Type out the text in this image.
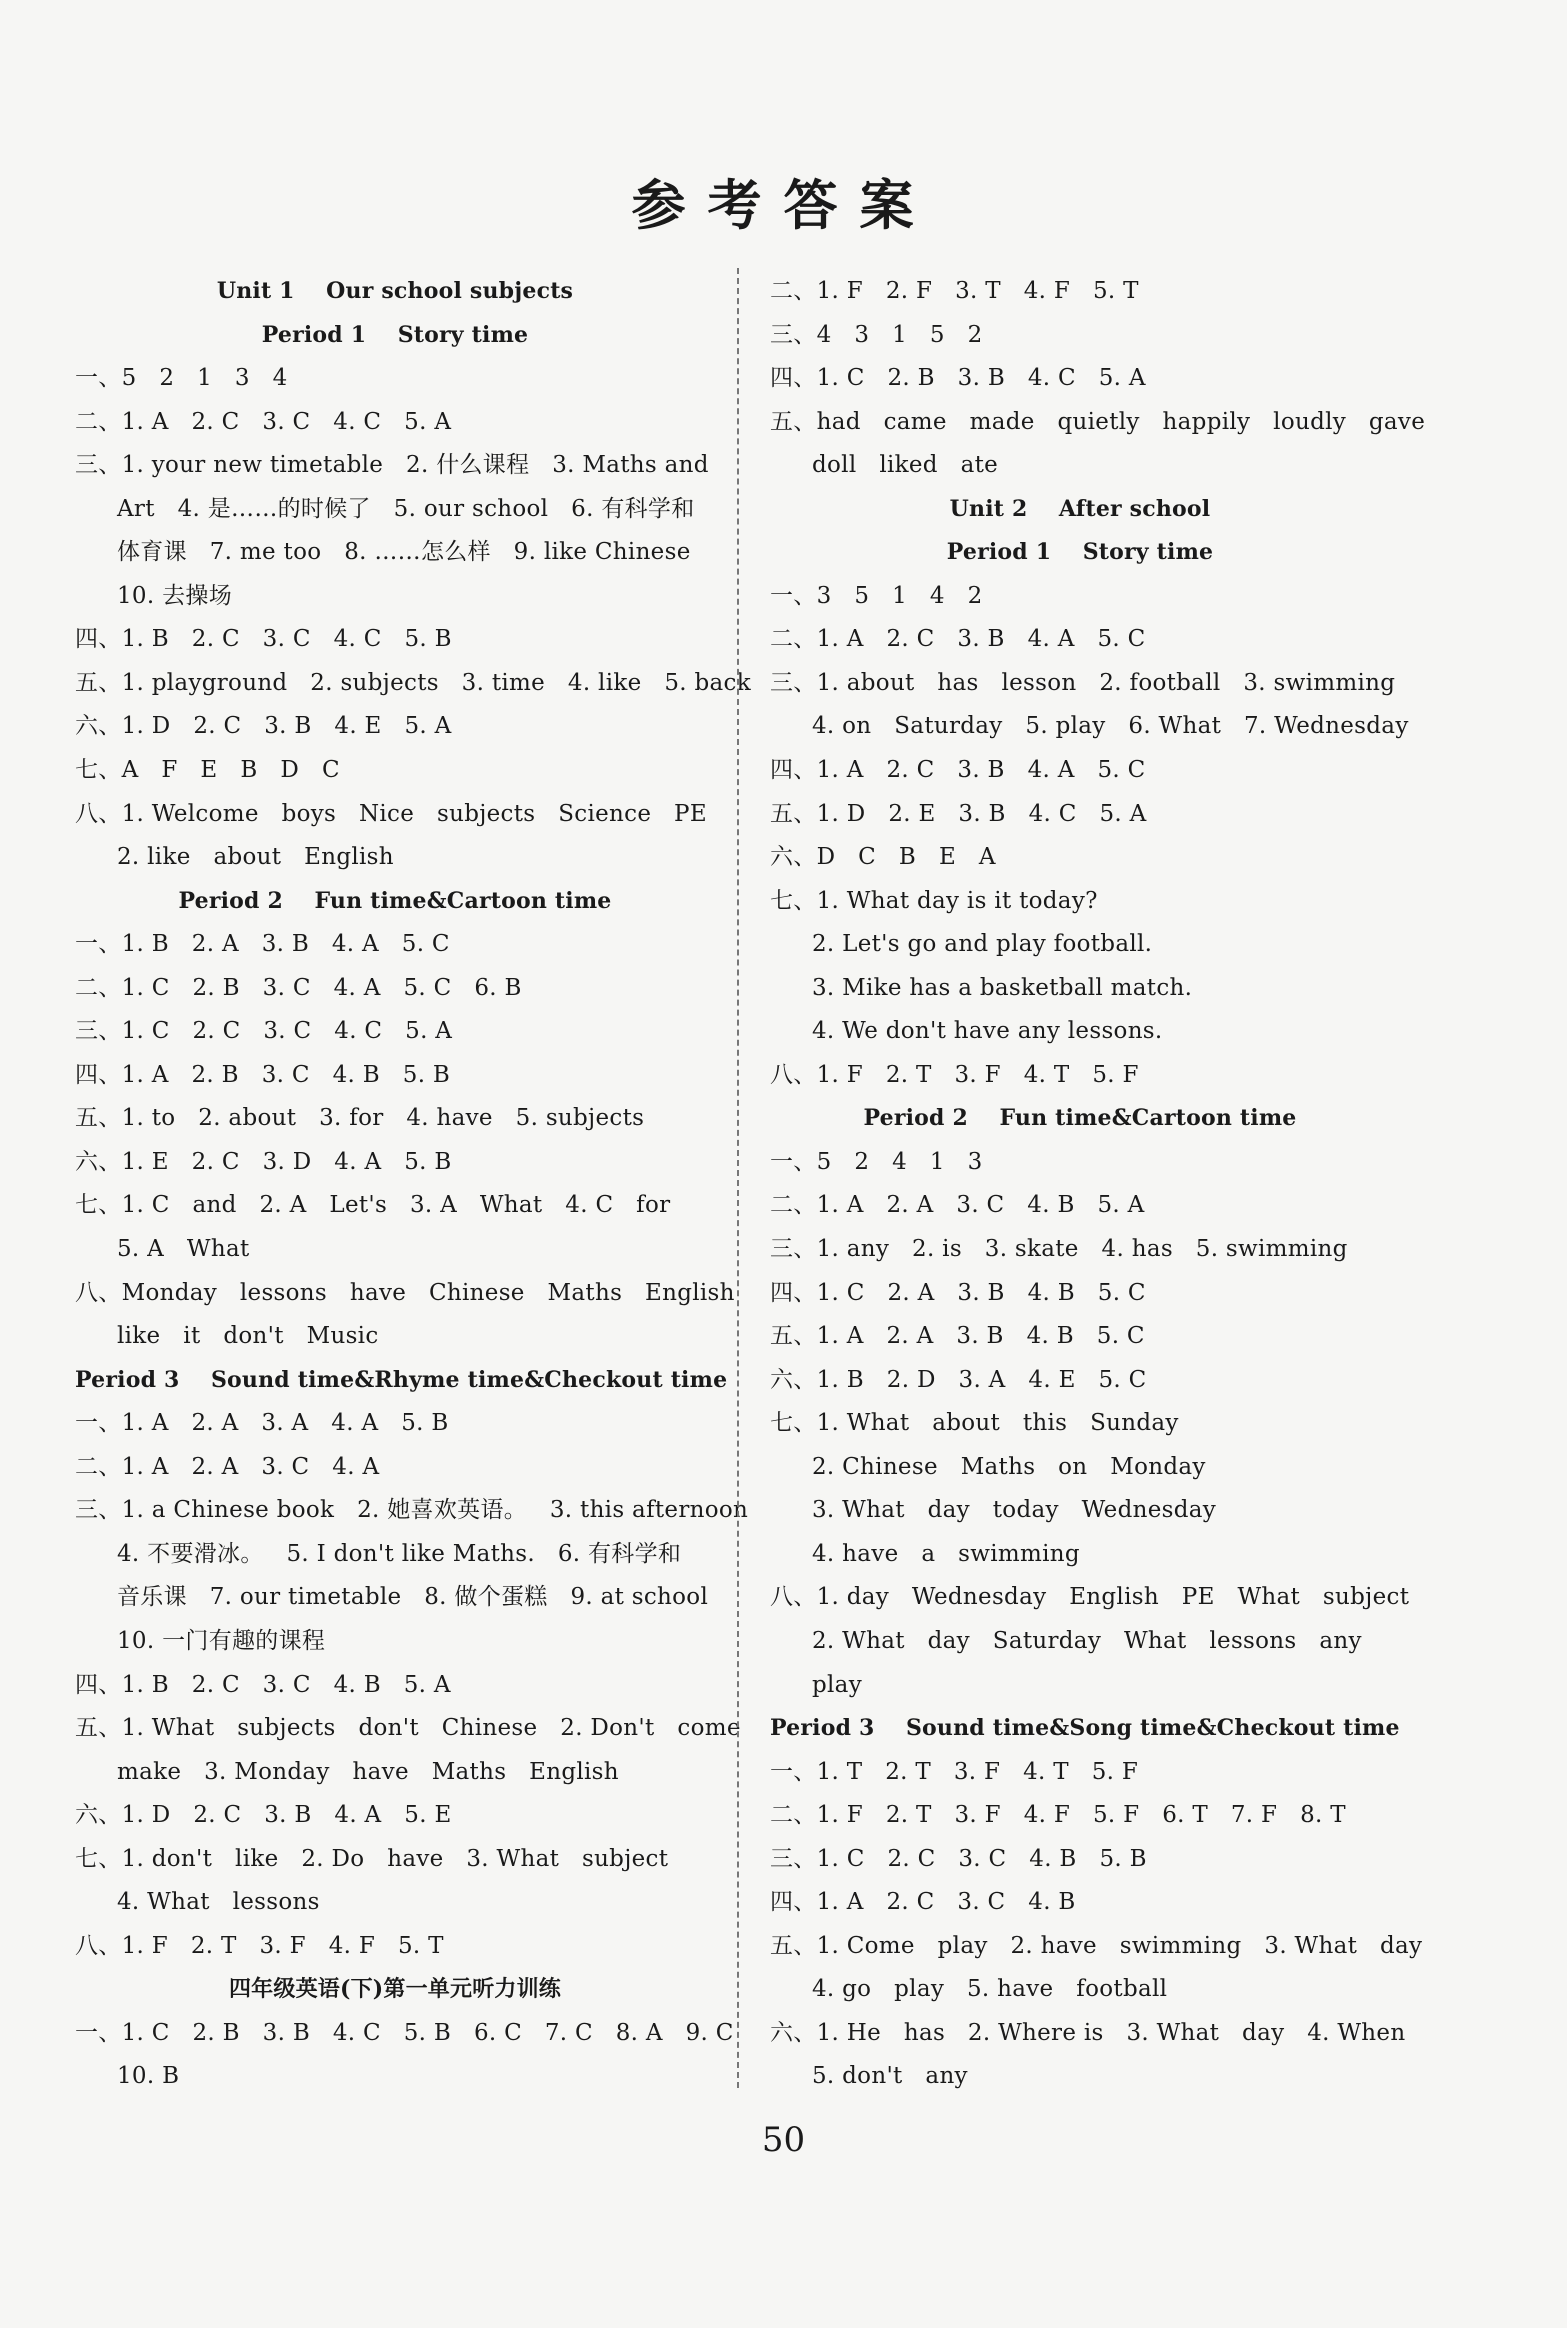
参考答案
Unit 1    Our school subjects
Period 1    Story time
一、5   2   1   3   4
二、1. A   2. C   3. C   4. C   5. A
三、1. your new timetable   2. 什么课程   3. Maths and
Art   4. 是……的时候了   5. our school   6. 有科学和
体育课   7. me too   8. ……怎么样   9. like Chinese
10. 去操场
四、1. B   2. C   3. C   4. C   5. B
五、1. playground   2. subjects   3. time   4. like   5. back
六、1. D   2. C   3. B   4. E   5. A
七、A   F   E   B   D   C
八、1. Welcome   boys   Nice   subjects   Science   PE
2. like   about   English
Period 2    Fun time&Cartoon time
一、1. B   2. A   3. B   4. A   5. C
二、1. C   2. B   3. C   4. A   5. C   6. B
三、1. C   2. C   3. C   4. C   5. A
四、1. A   2. B   3. C   4. B   5. B
五、1. to   2. about   3. for   4. have   5. subjects
六、1. E   2. C   3. D   4. A   5. B
七、1. C   and   2. A   Let's   3. A   What   4. C   for
5. A   What
八、Monday   lessons   have   Chinese   Maths   English
like   it   don't   Music
Period 3    Sound time&Rhyme time&Checkout time
一、1. A   2. A   3. A   4. A   5. B
二、1. A   2. A   3. C   4. A
三、1. a Chinese book   2. 她喜欢英语。   3. this afternoon
4. 不要滑冰。   5. I don't like Maths.   6. 有科学和
音乐课   7. our timetable   8. 做个蛋糕   9. at school
10. 一门有趣的课程
四、1. B   2. C   3. C   4. B   5. A
五、1. What   subjects   don't   Chinese   2. Don't   come
make   3. Monday   have   Maths   English
六、1. D   2. C   3. B   4. A   5. E
七、1. don't   like   2. Do   have   3. What   subject
4. What   lessons
八、1. F   2. T   3. F   4. F   5. T
四年级英语(下)第一单元听力训练
一、1. C   2. B   3. B   4. C   5. B   6. C   7. C   8. A   9. C
10. B
二、1. F   2. F   3. T   4. F   5. T
三、4   3   1   5   2
四、1. C   2. B   3. B   4. C   5. A
五、had   came   made   quietly   happily   loudly   gave
doll   liked   ate
Unit 2    After school
Period 1    Story time
一、3   5   1   4   2
二、1. A   2. C   3. B   4. A   5. C
三、1. about   has   lesson   2. football   3. swimming
4. on   Saturday   5. play   6. What   7. Wednesday
四、1. A   2. C   3. B   4. A   5. C
五、1. D   2. E   3. B   4. C   5. A
六、D   C   B   E   A
七、1. What day is it today?
2. Let's go and play football.
3. Mike has a basketball match.
4. We don't have any lessons.
八、1. F   2. T   3. F   4. T   5. F
Period 2    Fun time&Cartoon time
一、5   2   4   1   3
二、1. A   2. A   3. C   4. B   5. A
三、1. any   2. is   3. skate   4. has   5. swimming
四、1. C   2. A   3. B   4. B   5. C
五、1. A   2. A   3. B   4. B   5. C
六、1. B   2. D   3. A   4. E   5. C
七、1. What   about   this   Sunday
2. Chinese   Maths   on   Monday
3. What   day   today   Wednesday
4. have   a   swimming
八、1. day   Wednesday   English   PE   What   subject
2. What   day   Saturday   What   lessons   any
play
Period 3    Sound time&Song time&Checkout time
一、1. T   2. T   3. F   4. T   5. F
二、1. F   2. T   3. F   4. F   5. F   6. T   7. F   8. T
三、1. C   2. C   3. C   4. B   5. B
四、1. A   2. C   3. C   4. B
五、1. Come   play   2. have   swimming   3. What   day
4. go   play   5. have   football
六、1. He   has   2. Where is   3. What   day   4. When
5. don't   any
50
